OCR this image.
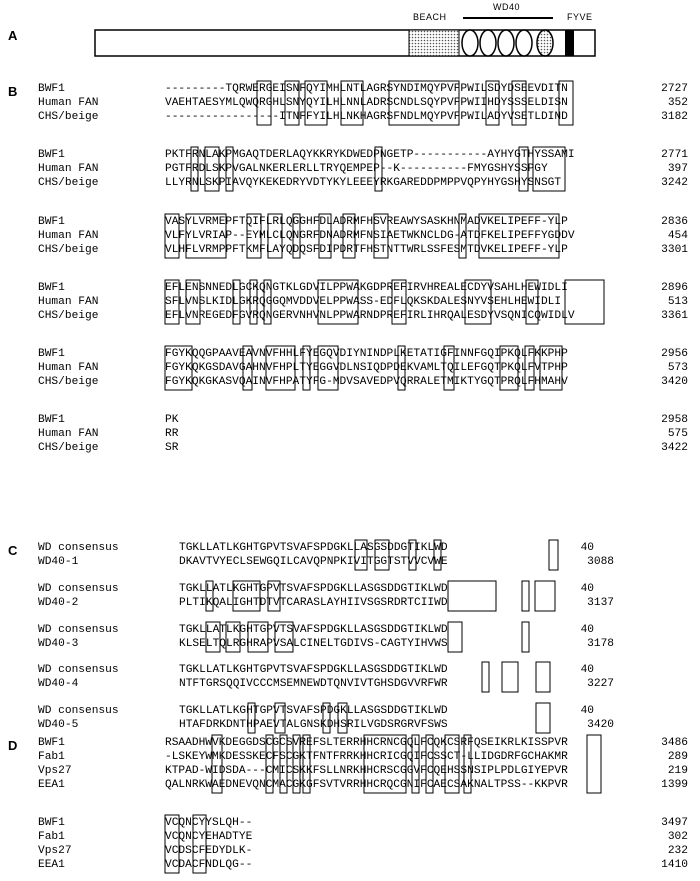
A
B
C
D
BEACH
WD40
FYVE
BWF1	---------TQRWERGEISNFQYIMHLNTLAGRSYNDIMQYPVFPWILSDYDSEEVDITN	2727
Human FAN	VAEHTAESYMLQWQRGHLSNYQYILHLNNLADRSCNDLSQYPVFPWIIHDYSSSELDISN	352
CHS/beige	-----------------ITNFFYILHLNKHAGRSFNDLMQYPVFPWILADYVSETLDIND	3182
BWF1	PKTFRNLAKPMGAQTDERLAQYKKRYKDWEDPNGETP-----------AYHYGTHYSSAMI	2771
Human FAN	PGTFRDLSKPVGALNKERLERLLTRYQEMPEP--K----------FMYGSHYSSPGY	397
CHS/beige	LLYRNLSKPIAVQYKEKEDRYVDTYKYLEEEYRKGAREDDPMPPVQPYHYGSHYSNSGT	3242
BWF1	VASYLVRMEPFTQIFLRLQGGHFDLADRMFHSVREAWYSASKHNMADVKELIPEFF-YLP	2836
Human FAN	VLFYLVRIAP--EYMLCLQNGRFDNADRMFNSIAETWKNCLDG-ATDFKELIPEFFYGDDV	454
CHS/beige	VLHFLVRMPPFTKMFLAYQDQSFDIPDRTFHSTNTTWRLSSFESMTDVKELIPEFF-YLP	3301
BWF1	EFLENSNNEDLGCKQNGTKLGDVILPPWAKGDPREFIRVHREALECDYVSAHLHEWIDLI	2896
Human FAN	SFLVNSLKIDLGKRQGGQMVDDVELPPWASS-EDFLQKSKDALESNYVSEHLHEWIDLI	513
CHS/beige	EFLVNREGEDFGVRQNGERVNHVNLPPWARNDPREFIRLIHRQALESDYVSQNICQWIDLV	3361
BWF1	FGYKQQGPAAVEAVNVFHHLFYEGQVDIYNINDPLKETATIGFINNFGQIPKQLFKKPHP	2956
Human FAN	FGYKQKGSDAVGAHNVFHPLTYEGGVDLNSIQDPDEKVAMLTQILEFGQTPKQLFVTPHP	573
CHS/beige	FGYKQKGKASVQAINVFHPATYFG-MDVSAVEDPVQRRALETMIKTYGQTPRQLFHMAHV	3420
BWF1	PK	2958
Human FAN	RR	575
CHS/beige	SR	3422
WD consensus	TGKLLATLKGHTGPVTSVAFSPDGKLLASGSDDGTIKLWD	40
WD40-1	DKAVTVYECLSEWGQILCAVQPNPKIVITGGTSTVVCVWE	3088
WD consensus	TGKLLATLKGHTGPVTSVAFSPDGKLLASGSDDGTIKLWD	40
WD40-2	PLTIKQALIGHTDTVTCARASLAYHIIVSGSRDRTCIIWD	3137
WD consensus	TGKLLATLKGHTGPVTSVAFSPDGKLLASGSDDGTIKLWD	40
WD40-3	KLSELTQLRGHRAPVSALCINELTGDIVS-CAGTYIHVWS	3178
WD consensus	TGKLLATLKGHTGPVTSVAFSPDGKLLASGSDDGTIKLWD	40
WD40-4	NTFTGRSQQIVCCCMSEMNEWDTQNVIVTGHSDGVVRFWR	3227
WD consensus	TGKLLATLKGHTGPVTSVAFSPDGKLLASGSDDGTIKLWD	40
WD40-5	HTAFDRKDNTHPAEVTALGNSKDHSRILVGDSRGRVFSWS	3420
BWF1	RSAADHWVKDEGGDSCGCSVREFSLTERRHHCRNCGQLFCQKCSRFQSEIKRLKISSPVR	3486
Fab1	-LSKEYWMKDESSKECFSCGKTFNTFRRKHHCRICGQIFCSSCT-LLIDGDRFGCHAKMR	289
Vps27	KTPAD-WIDSDA---CMICSKKFSLLNRKHHCRSCGGVFCQEHSSNSIPLPDLGIYEPVR	219
EEA1	QALNRKWAEDNEVQNCMACGKGFSVTVRRHHCRQCGNIFCAECSAKNALTPSS--KKPVR	1399
BWF1	VCQNCYYSLQH--	3497
Fab1	VCQNCYEHADTYE	302
Vps27	VCDSCFEDYDLK-	232
EEA1	VCDACFNDLQG--	1410
